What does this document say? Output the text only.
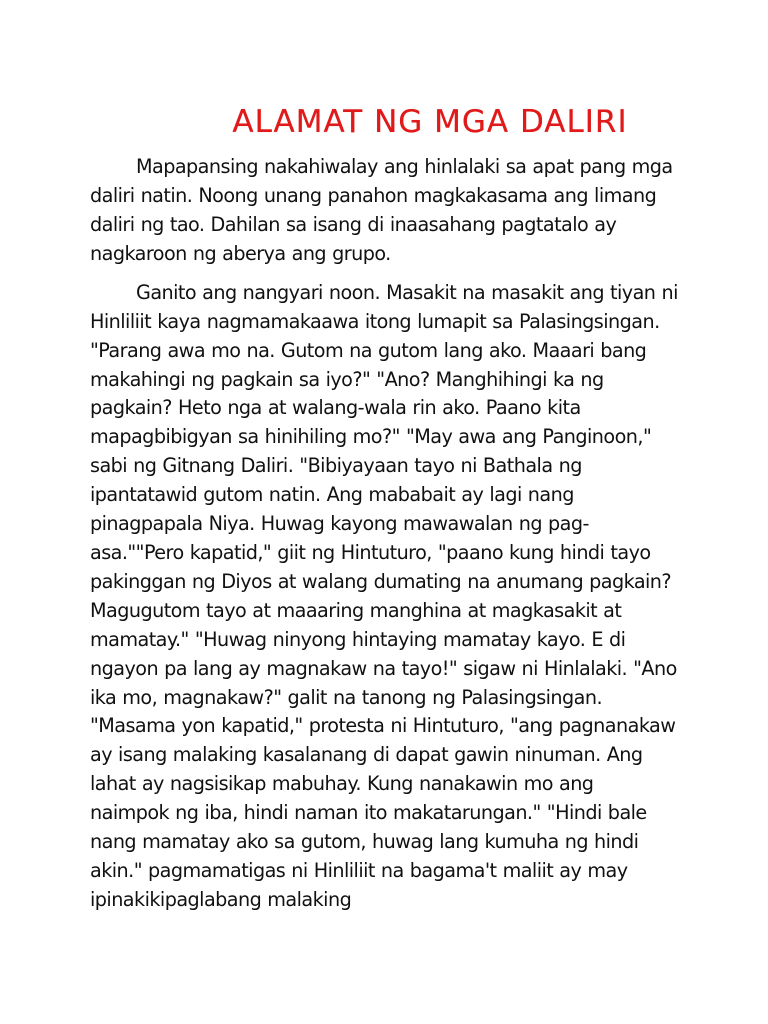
ALAMAT NG MGA DALIRI

Mapapansing nakahiwalay ang hinlalaki sa apat pang mga daliri natin. Noong unang panahon magkakasama ang limang daliri ng tao. Dahilan sa isang di inaasahang pagtatalo ay nagkaroon ng aberya ang grupo.

Ganito ang nangyari noon. Masakit na masakit ang tiyan ni Hinliliit kaya nagmamakaawa itong lumapit sa Palasingsingan. "Parang awa mo na. Gutom na gutom lang ako. Maaari bang makahingi ng pagkain sa iyo?" "Ano? Manghihingi ka ng pagkain? Heto nga at walang-wala rin ako. Paano kita mapagbibigyan sa hinihiling mo?" "May awa ang Panginoon," sabi ng Gitnang Daliri. "Bibiyayaan tayo ni Bathala ng ipantatawid gutom natin. Ang mababait ay lagi nang pinagpapala Niya. Huwag kayong mawawalan ng pag-asa.""Pero kapatid," giit ng Hintuturo, "paano kung hindi tayo pakinggan ng Diyos at walang dumating na anumang pagkain? Magugutom tayo at maaaring manghina at magkasakit at mamatay." "Huwag ninyong hintaying mamatay kayo. E di ngayon pa lang ay magnakaw na tayo!" sigaw ni Hinlalaki. "Ano ika mo, magnakaw?" galit na tanong ng Palasingsingan. "Masama yon kapatid," protesta ni Hintuturo, "ang pagnanakaw ay isang malaking kasalanang di dapat gawin ninuman. Ang lahat ay nagsisikap mabuhay. Kung nanakawin mo ang naimpok ng iba, hindi naman ito makatarungan." "Hindi bale nang mamatay ako sa gutom, huwag lang kumuha ng hindi akin." pagmamatigas ni Hinliliit na bagama't maliit ay may ipinakikipaglabang malaking
